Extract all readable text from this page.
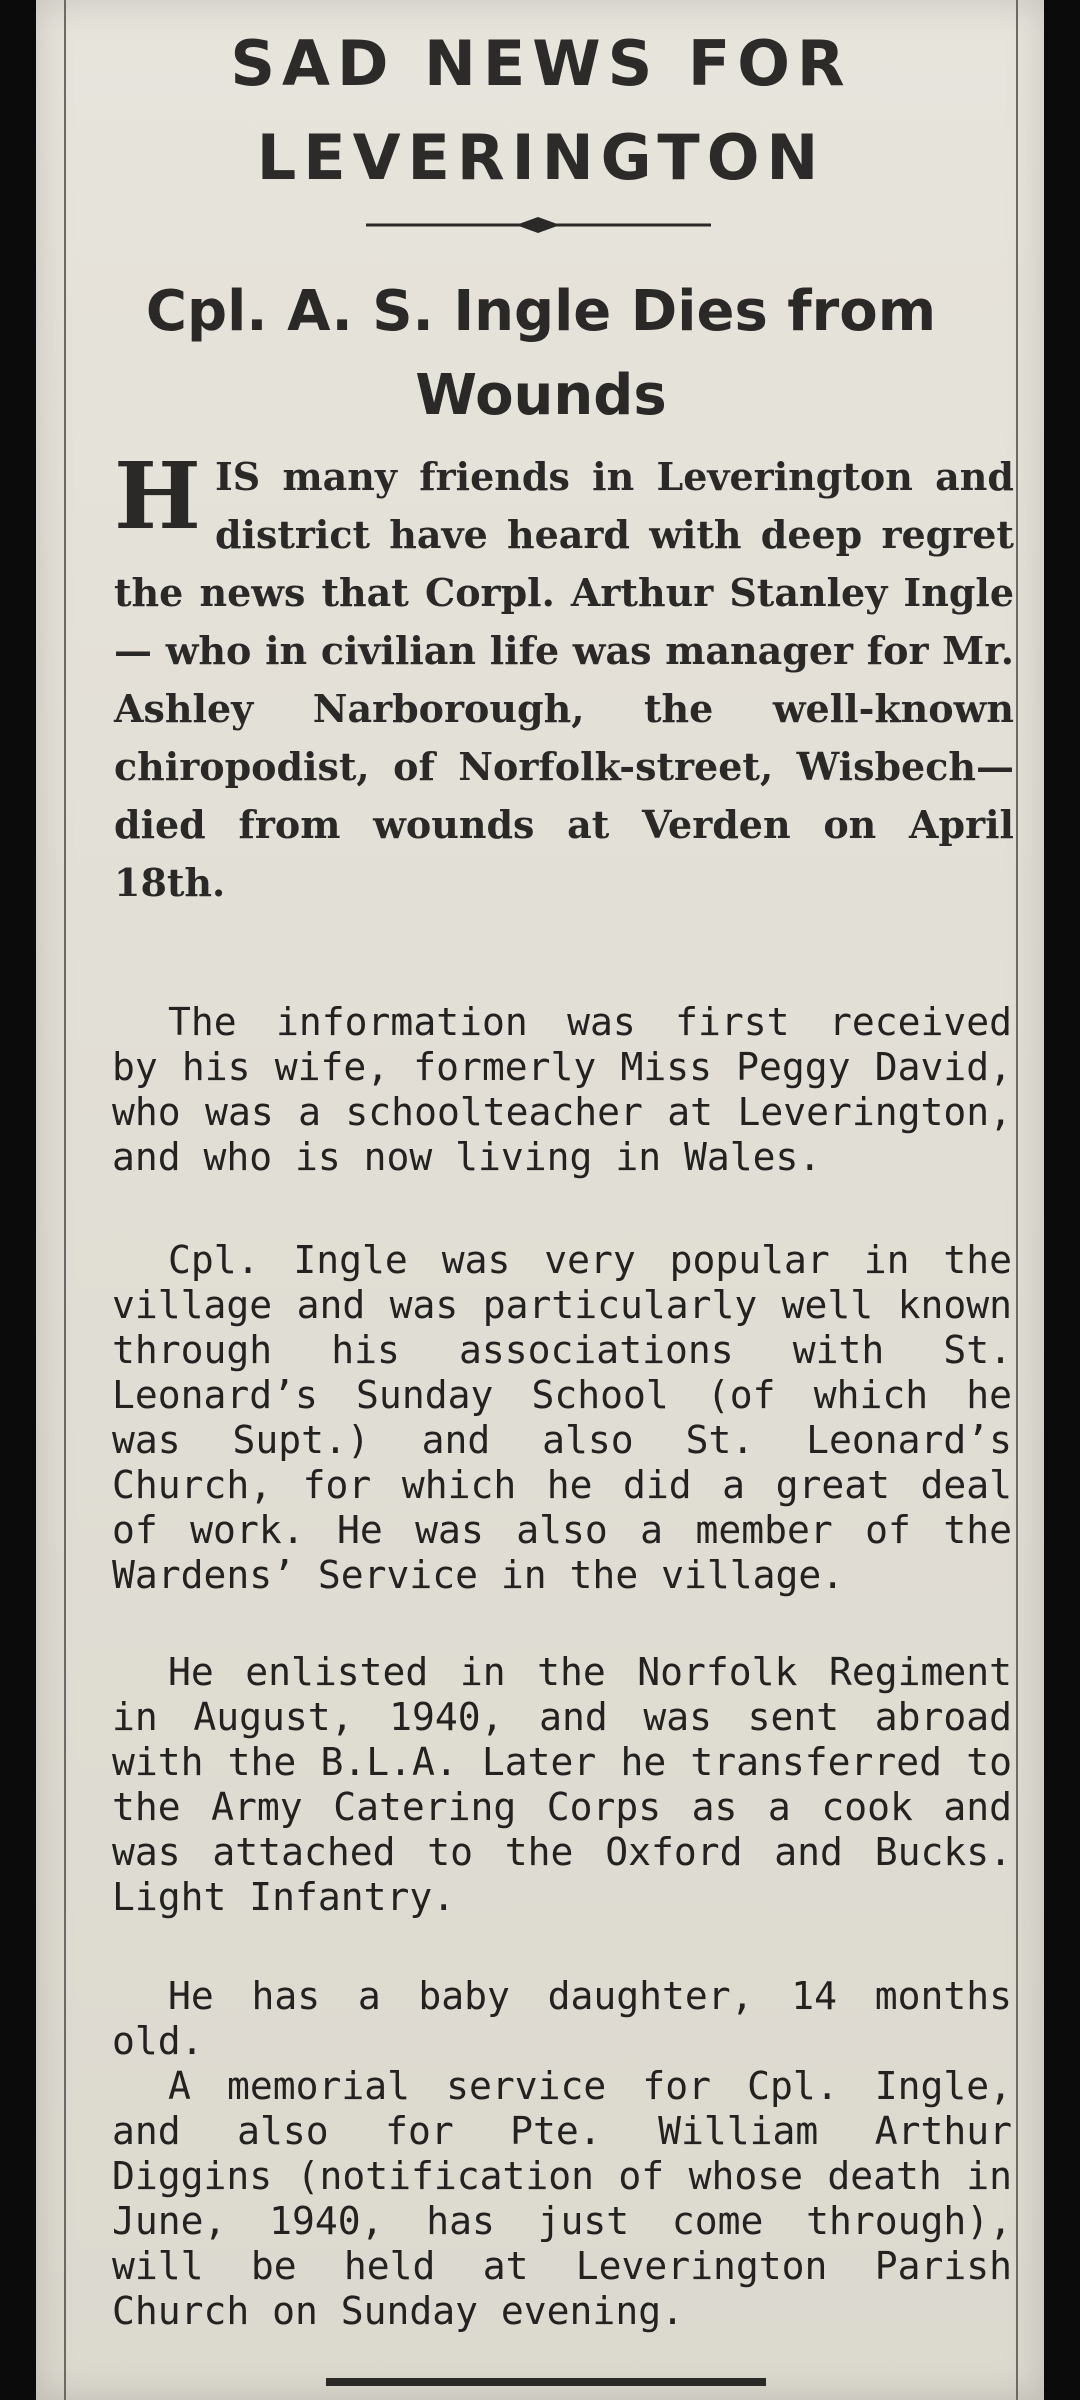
SAD NEWS FOR
LEVERINGTON
Cpl. A. S. Ingle Dies from
Wounds

HIS many friends in Leverington and district have heard with deep regret the news that Corpl. Arthur Stanley Ingle — who in civilian life was manager for Mr. Ashley Narborough, the well-known chiropodist, of Norfolk-street, Wisbech—died from wounds at Verden on April 18th.

The information was first received by his wife, formerly Miss Peggy David, who was a schoolteacher at Leverington, and who is now living in Wales.

Cpl. Ingle was very popular in the village and was particularly well known through his associations with St. Leonard’s Sunday School (of which he was Supt.) and also St. Leonard’s Church, for which he did a great deal of work. He was also a member of the Wardens’ Service in the village.

He enlisted in the Norfolk Regiment in August, 1940, and was sent abroad with the B.L.A. Later he transferred to the Army Catering Corps as a cook and was attached to the Oxford and Bucks. Light Infantry.

He has a baby daughter, 14 months old.

A memorial service for Cpl. Ingle, and also for Pte. William Arthur Diggins (notification of whose death in June, 1940, has just come through), will be held at Leverington Parish Church on Sunday evening.
